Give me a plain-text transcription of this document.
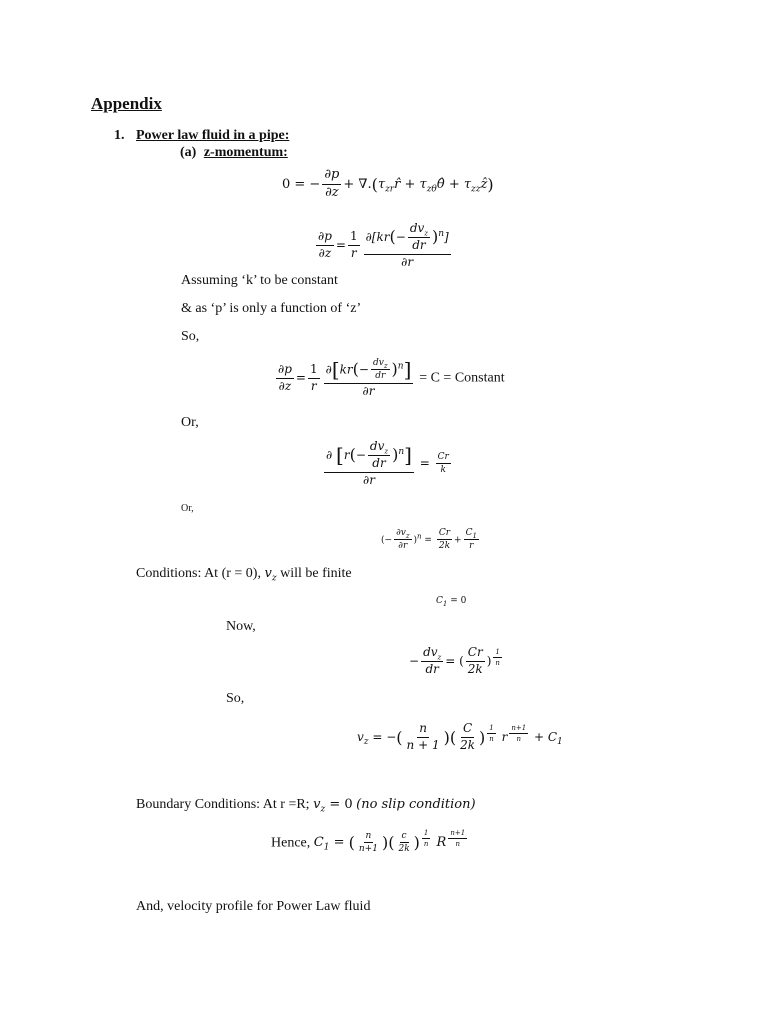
Appendix
1. Power law fluid in a pipe:
(a) z-momentum:
0 = − $\frac{\partial p}{\partial z}$ + $\nabla.(\tau_{zr}r̂$ + $\tau_{z\theta}\thetâ$ + $\tau_{zz}ẑ$)
$\frac{\partial p}{\partial z} = \frac{1}{r} \frac{\partial[kr(- \frac{dv_z}{dr} )^n]}{\partial r}$
Assuming ‘k’ to be constant
& as ‘p’ is only a function of ‘z’
So,
$\frac{\partial p}{\partial z} = \frac{1}{r} \frac{\partial[kr(- \frac{dv_z}{dr} )^n]}{\partial r} = C$ = Constant
Or,
$\frac{\partial [r(- \frac{dv_z}{dr} )^n]}{\partial r} = \frac{Cr}{k}$
Or,
(− $\frac{\partial v_z}{\partial r} )^n = \frac{Cr}{2k} + \frac{C_1}{r}$
Conditions: At (r = 0), $v_z$ will be finite
$C_1 = 0$
Now,
− $\frac{dv_z}{dr}$ = ( $\frac{Cr}{2k}$ ) $^{\frac{1}{n}}$
So,
$v_z$ = −( $\frac{n}{n + 1}$ )( $\frac{C}{2k}$ ) $^{\frac{1}{n}}$ r $^{\frac{n+1}{n}} + C_1$
Boundary Conditions: At r =R; $v_z = 0$ (no slip condition)
Hence, $C_1$ = ( $\frac{n}{n+1}$ )( $\frac{c}{2k}$ ) $^{\frac{1}{n}}$ R $^{\frac{n+1}{n}}$
And, velocity profile for Power Law fluid
